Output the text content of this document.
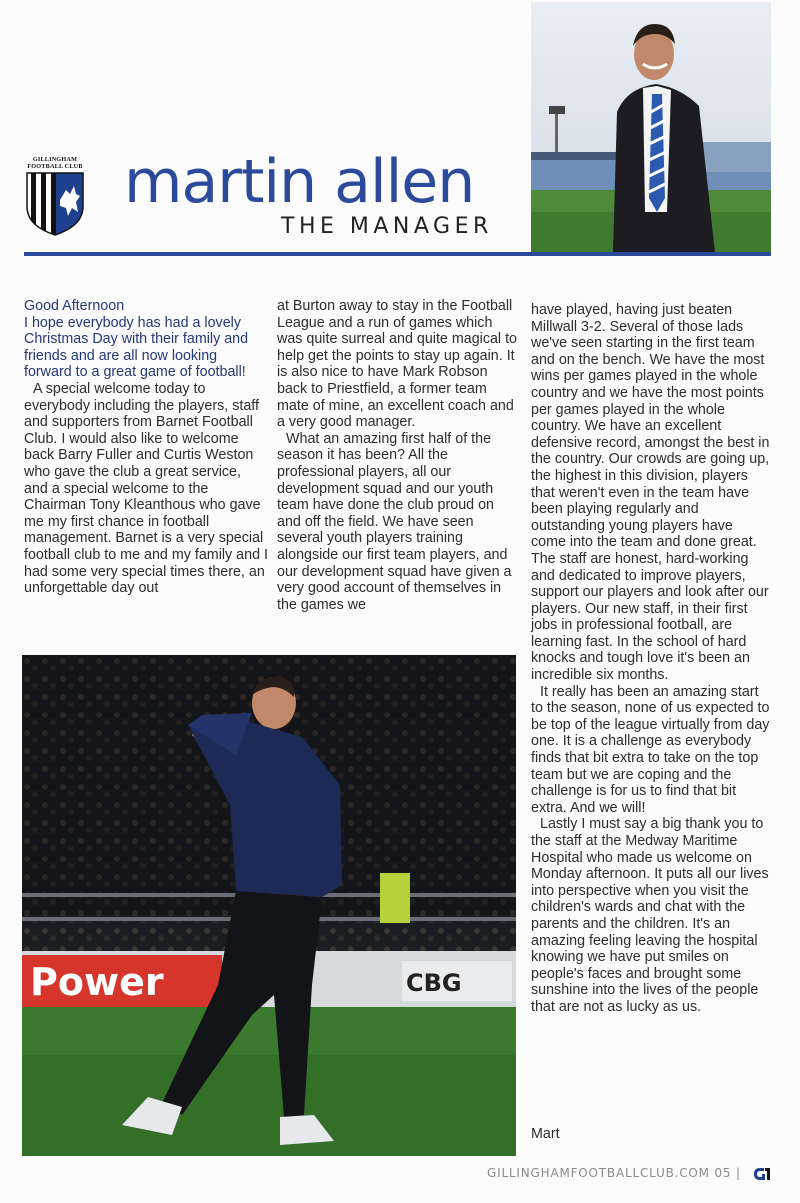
GILLINGHAM FOOTBALL CLUB martin allen
THE MANAGER

Good Afternoon

I hope everybody has had a lovely Christmas Day with their family and friends and are all now looking forward to a great game of football!

A special welcome today to everybody including the players, staff and supporters from Barnet Football Club. I would also like to welcome back Barry Fuller and Curtis Weston who gave the club a great service, and a special welcome to the Chairman Tony Kleanthous who gave me my first chance in football management. Barnet is a very special football club to me and my family and I had some very special times there, an unforgettable day out

at Burton away to stay in the Football League and a run of games which was quite surreal and quite magical to help get the points to stay up again. It is also nice to have Mark Robson back to Priestfield, a former team mate of mine, an excellent coach and a very good manager.

What an amazing first half of the season it has been? All the professional players, all our development squad and our youth team have done the club proud on and off the field. We have seen several youth players training alongside our first team players, and our development squad have given a very good account of themselves in the games we

have played, having just beaten Millwall 3-2. Several of those lads we've seen starting in the first team and on the bench. We have the most wins per games played in the whole country and we have the most points per games played in the whole country. We have an excellent defensive record, amongst the best in the country. Our crowds are going up, the highest in this division, players that weren't even in the team have been playing regularly and outstanding young players have come into the team and done great. The staff are honest, hard-working and dedicated to improve players, support our players and look after our players. Our new staff, in their first jobs in professional football, are learning fast. In the school of hard knocks and tough love it's been an incredible six months.

It really has been an amazing start to the season, none of us expected to be top of the league virtually from day one. It is a challenge as everybody finds that bit extra to take on the top team but we are coping and the challenge is for us to find that bit extra. And we will!

Lastly I must say a big thank you to the staff at the Medway Maritime Hospital who made us welcome on Monday afternoon. It puts all our lives into perspective when you visit the children's wards and chat with the parents and the children. It's an amazing feeling leaving the hospital knowing we have put smiles on people's faces and brought some sunshine into the lives of the people that are not as lucky as us.

Mart

Power	CBG
GILLINGHAMFOOTBALLCLUB.COM 05 |
